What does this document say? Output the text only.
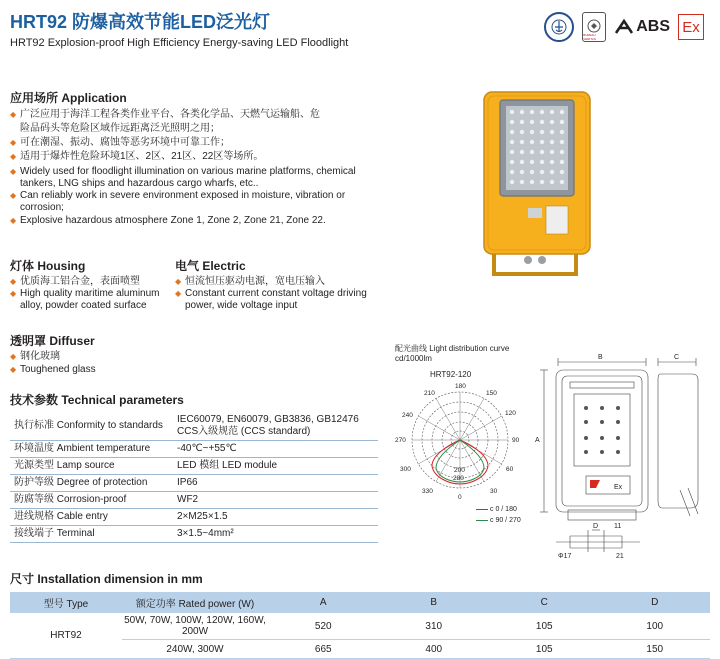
HRT92 防爆高效节能LED泛光灯
HRT92 Explosion-proof High Efficiency Energy-saving LED Floodlight
BUREAU VERITAS
ABS Ex
应用场所 Application
◆ 广泛应用于海洋工程各类作业平台、各类化学品、天燃气运输船、危
险品码头等危险区域作远距离泛光照明之用；
◆ 可在潮湿、振动、腐蚀等恶劣环境中可靠工作；
◆ 适用于爆炸性危险环境1区、2区、21区、22区等场所。
◆ Widely used for floodlight illumination on various marine platforms, chemical
tankers, LNG ships and hazardous cargo wharfs, etc..
◆ Can reliably work in severe environment exposed in moisture, vibration or
corrosion;
◆ Explosive hazardous atmosphere Zone 1, Zone 2, Zone 21, Zone 22.
灯体 Housing
◆ 优质海工铝合金，表面喷塑
◆ High quality maritime aluminum
alloy, powder coated surface
电气 Electric
◆ 恒流恒压驱动电源，宽电压输入
◆ Constant current constant voltage driving
power, wide voltage input
透明罩 Diffuser
◆ 钢化玻璃
◆ Toughened glass
技术参数 Technical parameters
执行标准 Conformity to standards	IEC60079, EN60079, GB3836, GB12476
CCS入级规范 (CCS standard)

环境温度 Ambient temperature	-40℃~+55℃
光源类型 Lamp source	LED 模组 LED module
防护等级 Degree of protection	IP66
防腐等级 Corrosion-proof	WF2
进线规格 Cable entry	2×M25×1.5
接线端子 Terminal	3×1.5~4mm²
配光曲线 Light distribution curve
cd/1000lm
HRT92-120
180
210	150
240	120
270	90
300	60
330	30
0
280
200
c 0 / 180
c 90 / 270
B	C
A
D 11
Φ17	21
Ex
尺寸 Installation dimension in mm
型号 Type	额定功率 Rated power (W)	A	B	C	D
HRT92	50W, 70W, 100W, 120W, 160W, 200W	520	310	105	100
	240W, 300W	665	400	105	150
